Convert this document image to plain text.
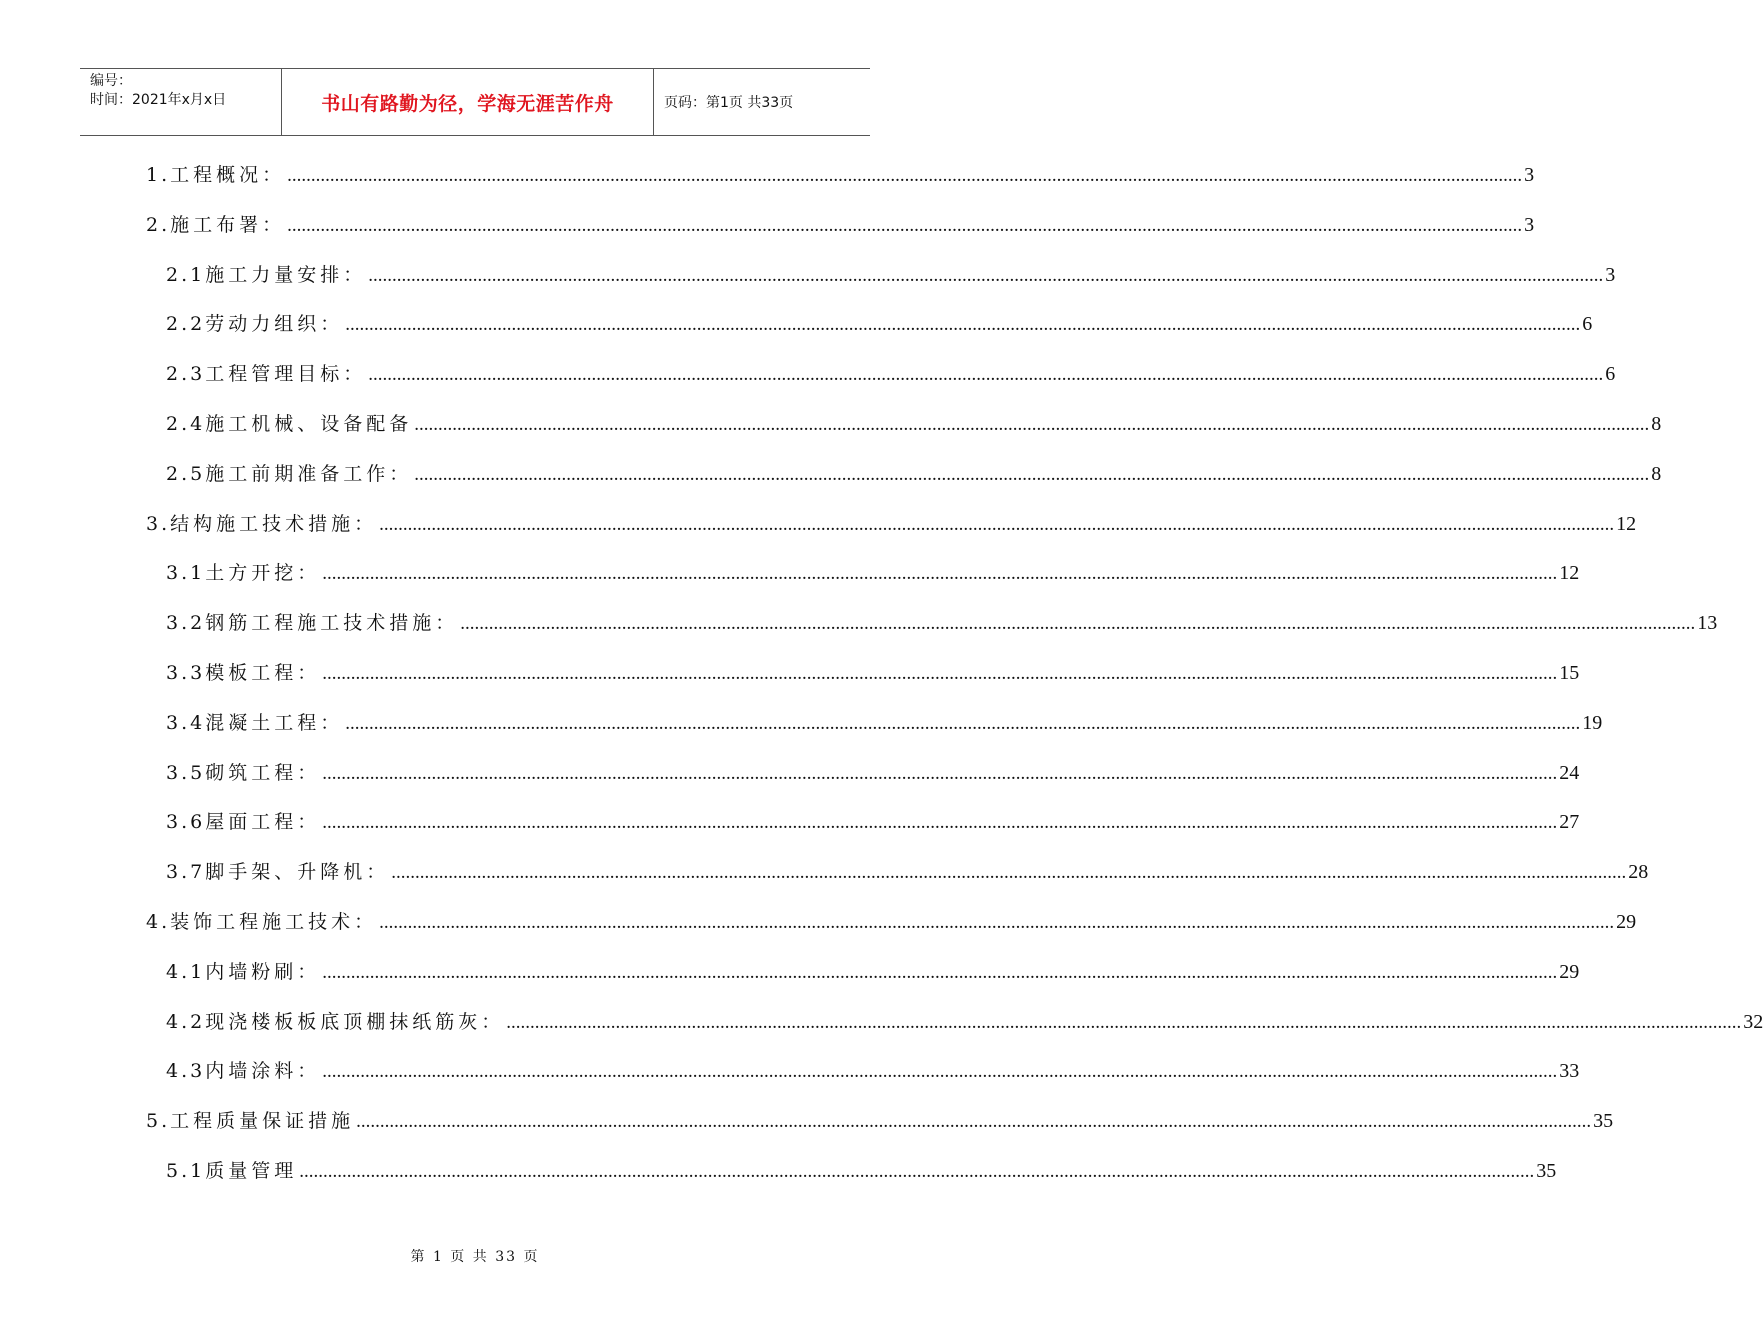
编号：
时间：2021年x月x日	书山有路勤为径，学海无涯苦作舟	页码：第1页 共33页
1. 工程概况： .................................................................................................................................................................................................................................................................... 3
2. 施工布署： .................................................................................................................................................................................................................................................................... 3
2.1 施工力量安排： .................................................................................................................................................................................................................................................................... 3
2.2 劳动力组织： .................................................................................................................................................................................................................................................................... 6
2.3 工程管理目标： .................................................................................................................................................................................................................................................................... 6
2.4 施工机械、设备配备 .................................................................................................................................................................................................................................................................... 8
2.5 施工前期准备工作： .................................................................................................................................................................................................................................................................... 8
3. 结构施工技术措施： .................................................................................................................................................................................................................................................................... 12
3.1 土方开挖： .................................................................................................................................................................................................................................................................... 12
3.2 钢筋工程施工技术措施： .................................................................................................................................................................................................................................................................... 13
3.3 模板工程： .................................................................................................................................................................................................................................................................... 15
3.4 混凝土工程： .................................................................................................................................................................................................................................................................... 19
3.5 砌筑工程： .................................................................................................................................................................................................................................................................... 24
3.6 屋面工程： .................................................................................................................................................................................................................................................................... 27
3.7 脚手架、升降机： .................................................................................................................................................................................................................................................................... 28
4. 装饰工程施工技术： .................................................................................................................................................................................................................................................................... 29
4.1 内墙粉刷： .................................................................................................................................................................................................................................................................... 29
4.2 现浇楼板板底顶棚抹纸筋灰： .................................................................................................................................................................................................................................................................... 32
4.3 内墙涂料： .................................................................................................................................................................................................................................................................... 33
5. 工程质量保证措施 .................................................................................................................................................................................................................................................................... 35
5.1 质量管理 .................................................................................................................................................................................................................................................................... 35
第 1 页 共 33 页
